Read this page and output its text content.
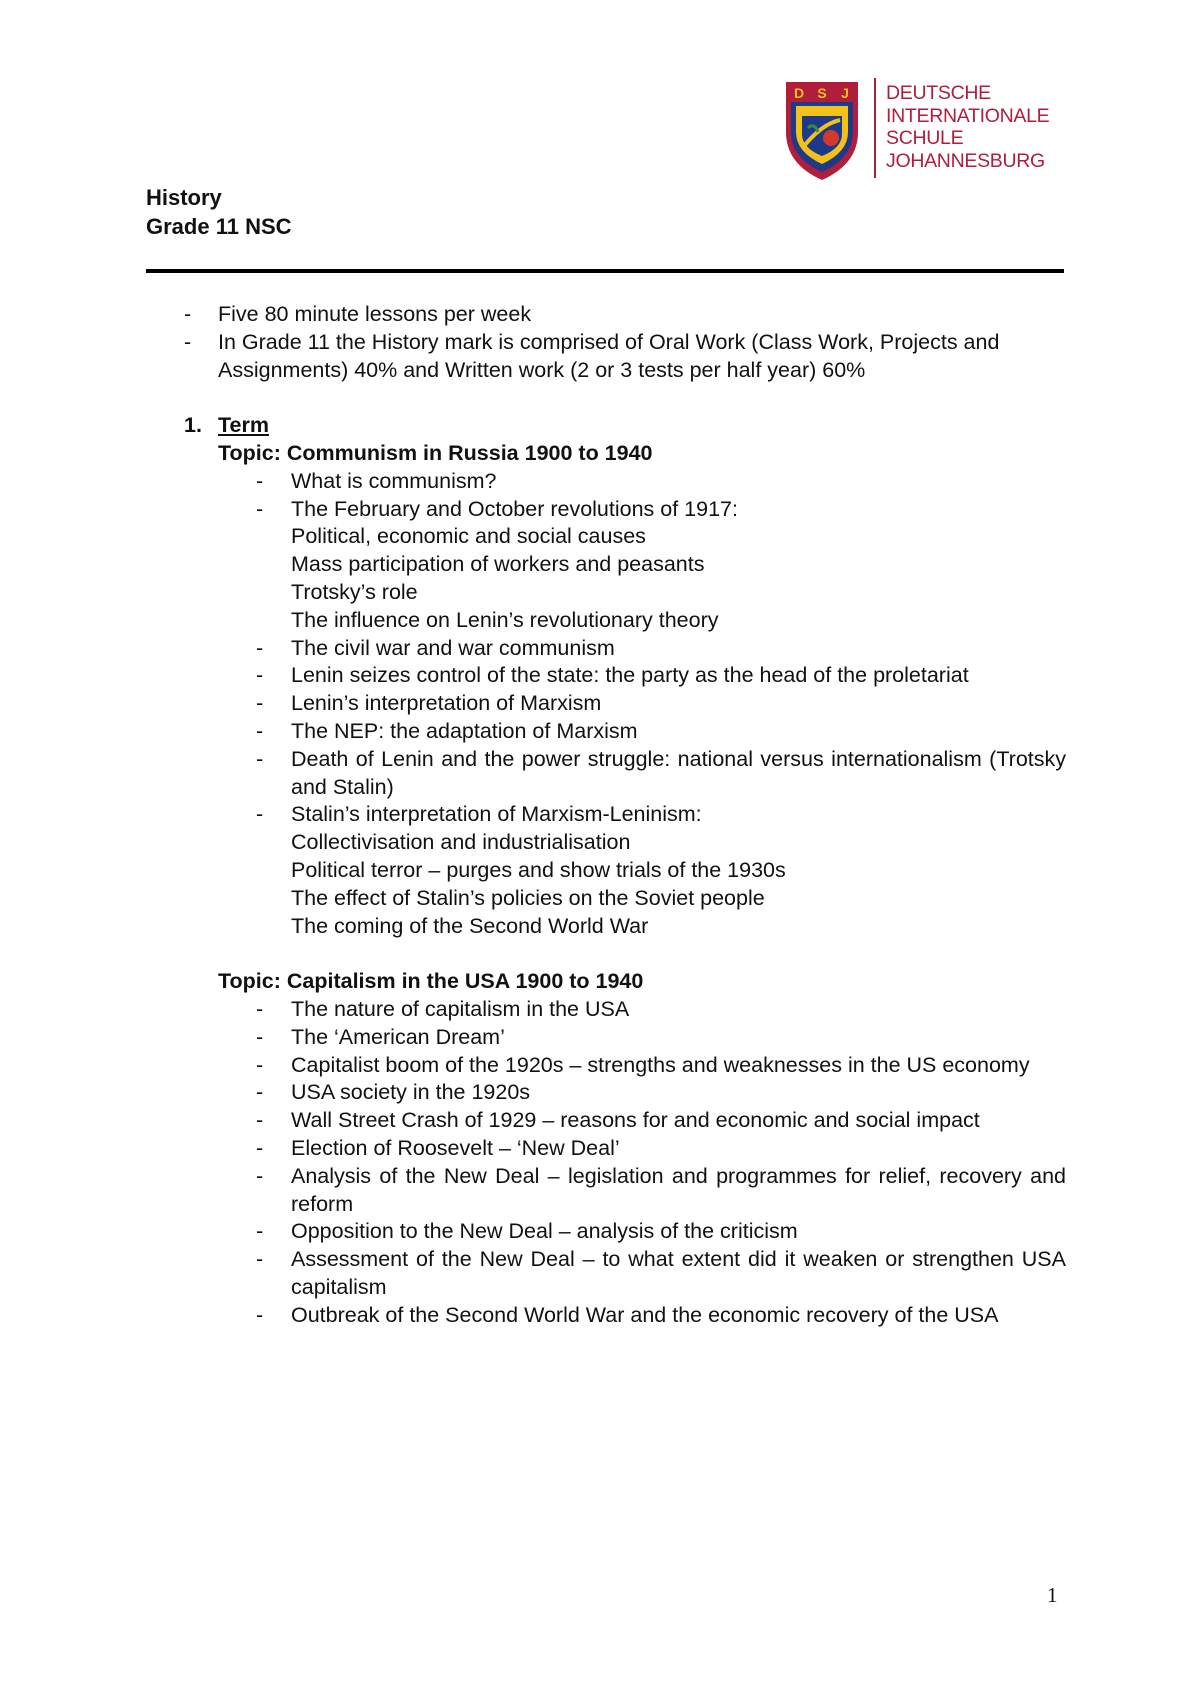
D S J DEUTSCHE
INTERNATIONALE
SCHULE
JOHANNESBURG
History
Grade 11 NSC
- Five 80 minute lessons per week
- In Grade 11 the History mark is comprised of Oral Work (Class Work, Projects and Assignments) 40% and Written work (2 or 3 tests per half year) 60%
1. Term
Topic: Communism in Russia 1900 to 1940
- What is communism?
- The February and October revolutions of 1917:
Political, economic and social causes
Mass participation of workers and peasants
Trotsky’s role
The influence on Lenin’s revolutionary theory
- The civil war and war communism
- Lenin seizes control of the state: the party as the head of the proletariat
- Lenin’s interpretation of Marxism
- The NEP: the adaptation of Marxism
- Death of Lenin and the power struggle: national versus internationalism (Trotsky and Stalin)
- Stalin’s interpretation of Marxism-Leninism:
Collectivisation and industrialisation
Political terror – purges and show trials of the 1930s
The effect of Stalin’s policies on the Soviet people
The coming of the Second World War
Topic: Capitalism in the USA 1900 to 1940
- The nature of capitalism in the USA
- The ‘American Dream’
- Capitalist boom of the 1920s – strengths and weaknesses in the US economy
- USA society in the 1920s
- Wall Street Crash of 1929 – reasons for and economic and social impact
- Election of Roosevelt – ‘New Deal’
- Analysis of the New Deal – legislation and programmes for relief, recovery and reform
- Opposition to the New Deal – analysis of the criticism
- Assessment of the New Deal – to what extent did it weaken or strengthen USA capitalism
- Outbreak of the Second World War and the economic recovery of the USA
1
